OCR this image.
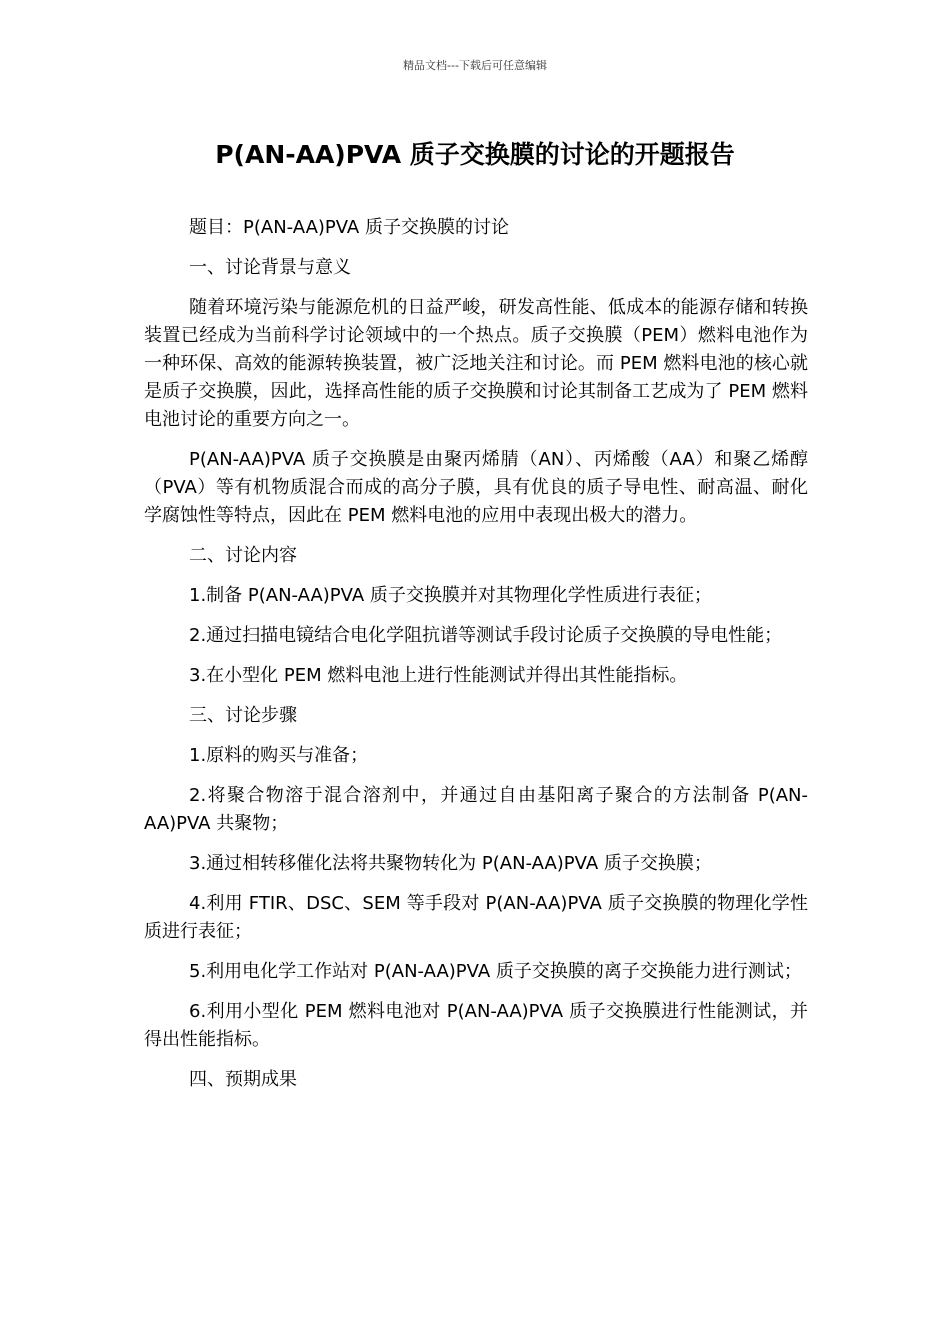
精品文档---下载后可任意编辑
P(AN-AA)PVA 质子交换膜的讨论的开题报告

题目：P(AN-AA)PVA 质子交换膜的讨论

一、讨论背景与意义

随着环境污染与能源危机的日益严峻，研发高性能、低成本的能源存储和转换装置已经成为当前科学讨论领域中的一个热点。质子交换膜（PEM）燃料电池作为一种环保、高效的能源转换装置，被广泛地关注和讨论。而 PEM 燃料电池的核心就是质子交换膜，因此，选择高性能的质子交换膜和讨论其制备工艺成为了 PEM 燃料电池讨论的重要方向之一。

P(AN-AA)PVA 质子交换膜是由聚丙烯腈（AN）、丙烯酸（AA）和聚乙烯醇（PVA）等有机物质混合而成的高分子膜，具有优良的质子导电性、耐高温、耐化学腐蚀性等特点，因此在 PEM 燃料电池的应用中表现出极大的潜力。

二、讨论内容

1.制备 P(AN-AA)PVA 质子交换膜并对其物理化学性质进行表征；

2.通过扫描电镜结合电化学阻抗谱等测试手段讨论质子交换膜的导电性能；

3.在小型化 PEM 燃料电池上进行性能测试并得出其性能指标。

三、讨论步骤

1.原料的购买与准备；

2.将聚合物溶于混合溶剂中，并通过自由基阳离子聚合的方法制备 P(AN-AA)PVA 共聚物；

3.通过相转移催化法将共聚物转化为 P(AN-AA)PVA 质子交换膜；

4.利用 FTIR、DSC、SEM 等手段对 P(AN-AA)PVA 质子交换膜的物理化学性质进行表征；

5.利用电化学工作站对 P(AN-AA)PVA 质子交换膜的离子交换能力进行测试；

6.利用小型化 PEM 燃料电池对 P(AN-AA)PVA 质子交换膜进行性能测试，并得出性能指标。

四、预期成果
